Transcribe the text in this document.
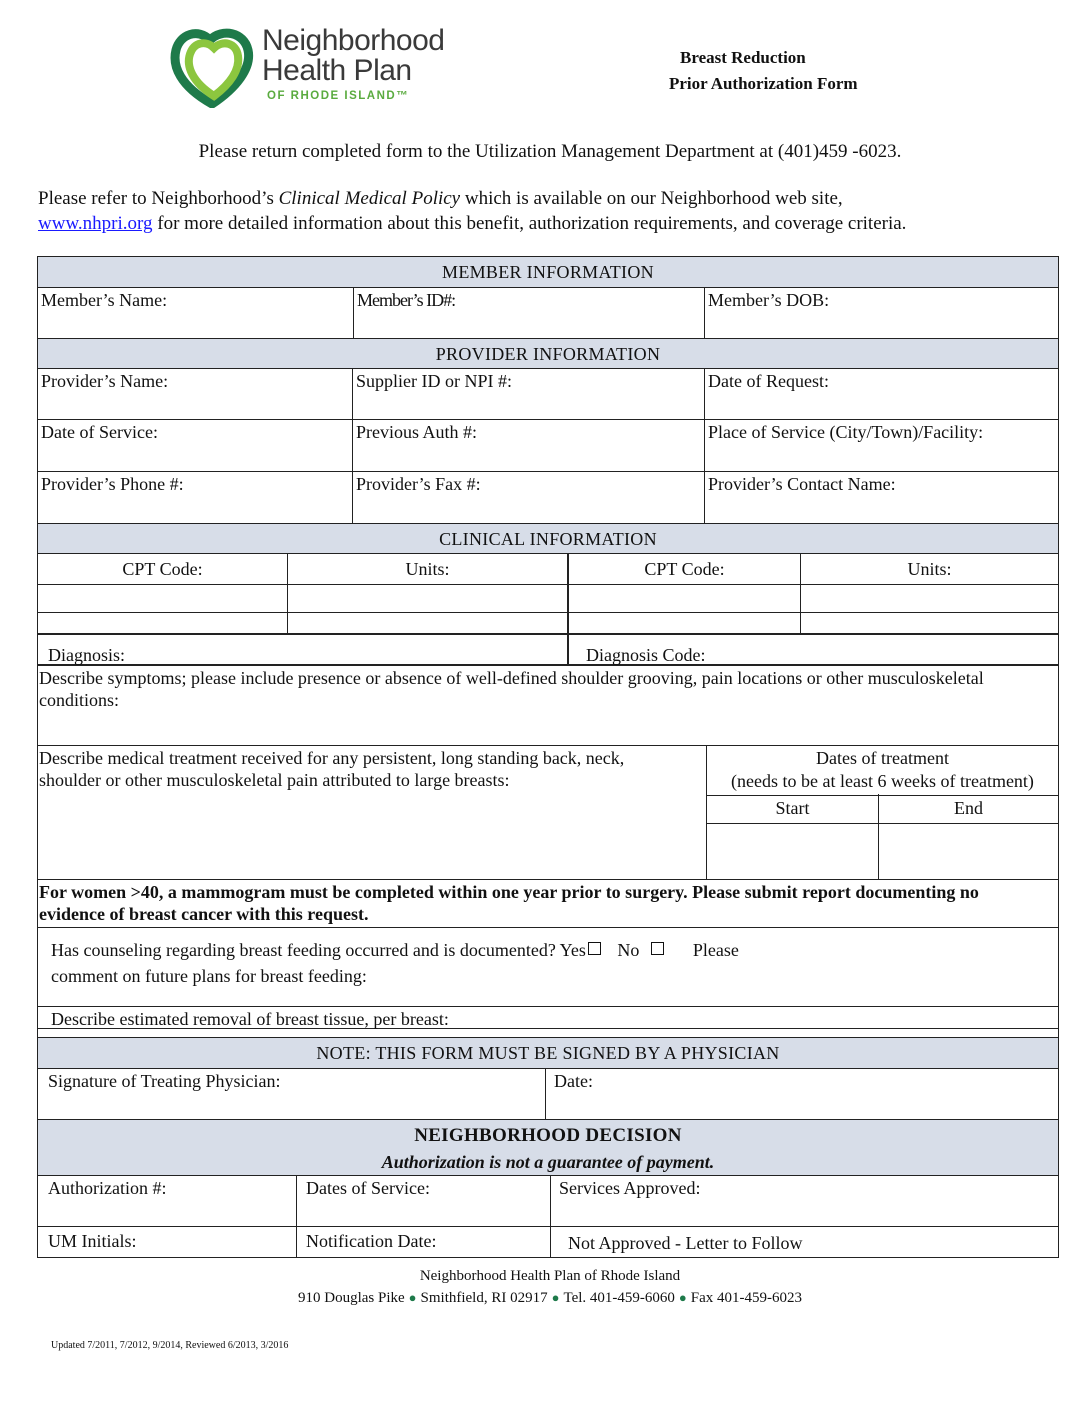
Neighborhood
Health Plan
OF RHODE ISLAND™
Breast Reduction
Prior Authorization Form
Please return completed form to the Utilization Management Department at (401)459 -6023.
Please refer to Neighborhood’s Clinical Medical Policy which is available on our Neighborhood web site,
www.nhpri.org for more detailed information about this benefit, authorization requirements, and coverage criteria.
MEMBER INFORMATION
Member’s Name:	Member’s ID#:	Member’s DOB:
PROVIDER INFORMATION
Provider’s Name:	Supplier ID or NPI #:	Date of Request:
Date of Service:	Previous Auth #:	Place of Service (City/Town)/Facility:
Provider’s Phone #:	Provider’s Fax #:	Provider’s Contact Name:
CLINICAL INFORMATION
CPT Code:	Units:	CPT Code:	Units:
Diagnosis:	Diagnosis Code:
Describe symptoms; please include presence or absence of well-defined shoulder grooving, pain locations or other musculoskeletal conditions:
Describe medical treatment received for any persistent, long standing back, neck, shoulder or other musculoskeletal pain attributed to large breasts:
Dates of treatment
(needs to be at least 6 weeks of treatment)
Start	End
For women >40, a mammogram must be completed within one year prior to surgery. Please submit report documenting no evidence of breast cancer with this request.
Has counseling regarding breast feeding occurred and is documented? Yes No	Please
comment on future plans for breast feeding:
Describe estimated removal of breast tissue, per breast:
NOTE: THIS FORM MUST BE SIGNED BY A PHYSICIAN
Signature of Treating Physician:	Date:
NEIGHBORHOOD DECISION
Authorization is not a guarantee of payment.
Authorization #:	Dates of Service:	Services Approved:
UM Initials:	Notification Date:	Not Approved - Letter to Follow
Neighborhood Health Plan of Rhode Island
910 Douglas Pike ● Smithfield, RI 02917 ● Tel. 401-459-6060 ● Fax 401-459-6023
Updated 7/2011, 7/2012, 9/2014, Reviewed 6/2013, 3/2016
